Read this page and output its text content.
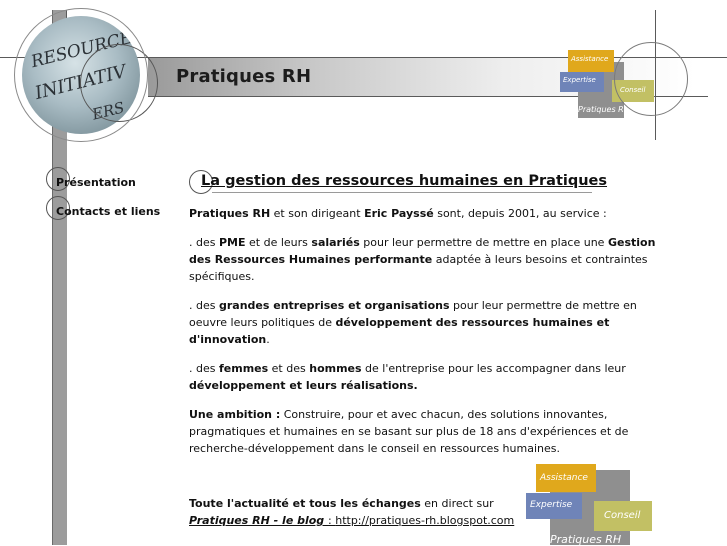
RESOURCE
INITIATIV
ERS
Pratiques RH
Assistance
Expertise
Conseil
Pratiques RH
Présentation
Contacts et liens
La gestion des ressources humaines en Pratiques

Pratiques RH et son dirigeant Eric Payssé sont, depuis 2001, au service :

. des PME et de leurs salariés pour leur permettre de mettre en place une Gestion des Ressources Humaines performante adaptée à leurs besoins et contraintes spécifiques.

. des grandes entreprises et organisations pour leur permettre de mettre en oeuvre leurs politiques de développement des ressources humaines et d'innovation.

. des femmes et des hommes de l'entreprise pour les accompagner dans leur développement et leurs réalisations.

Une ambition : Construire, pour et avec chacun, des solutions innovantes, pragmatiques et humaines en se basant sur plus de 18 ans d'expériences et de recherche-développement dans le conseil en ressources humaines.

Toute l'actualité et tous les échanges en direct sur
Pratiques RH - le blog : http://pratiques-rh.blogspot.com

Assistance
Expertise
Conseil
Pratiques RH
